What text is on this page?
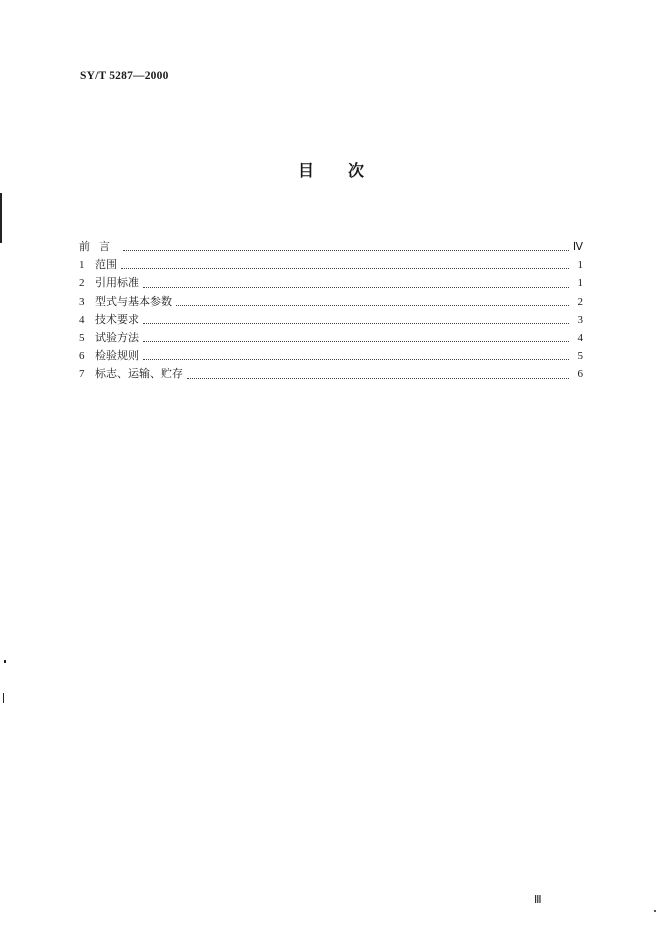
SY/T 5287—2000
目 次
前言	Ⅳ
1 范围	1
2 引用标准	1
3 型式与基本参数	2
4 技术要求	3
5 试验方法	4
6 检验规则	5
7 标志、运输、贮存	6
Ⅲ
